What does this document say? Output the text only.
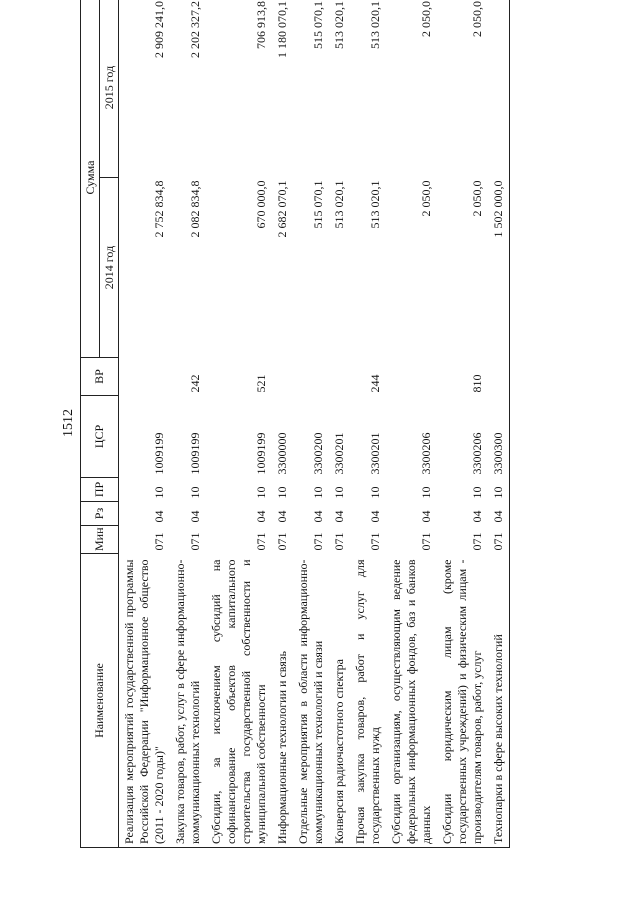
1512
Наименование	Мин	Рз	ПР	ЦСР	ВР	Сумма	
						2014 год	2015 год
Реализация мероприятий государственной программы Российской Федерации "Информационное общество (2011 - 2020 годы)"	071	04	10	1009199		2 752 834,8	2 909 241,0
Закупка товаров, работ, услуг в сфере информационно-коммуникационных технологий	071	04	10	1009199	242	2 082 834,8	2 202 327,2
Субсидии, за исключением субсидий на софинансирование объектов капитального строительства государственной собственности и муниципальной собственности	071	04	10	1009199	521	670 000,0	706 913,8
Информационные технологии и связь	071	04	10	3300000		2 682 070,1	1 180 070,1
Отдельные мероприятия в области информационно-коммуникационных технологий и связи	071	04	10	3300200		515 070,1	515 070,1
Конверсия радиочастотного спектра	071	04	10	3300201		513 020,1	513 020,1
Прочая закупка товаров, работ и услуг для государственных нужд	071	04	10	3300201	244	513 020,1	513 020,1
Субсидии организациям, осуществляющим ведение федеральных информационных фондов, баз и банков данных	071	04	10	3300206		2 050,0	2 050,0
Субсидии юридическим лицам (кроме государственных учреждений) и физическим лицам - производителям товаров, работ, услуг	071	04	10	3300206	810	2 050,0	2 050,0
Технопарки в сфере высоких технологий	071	04	10	3300300		1 502 000,0	
